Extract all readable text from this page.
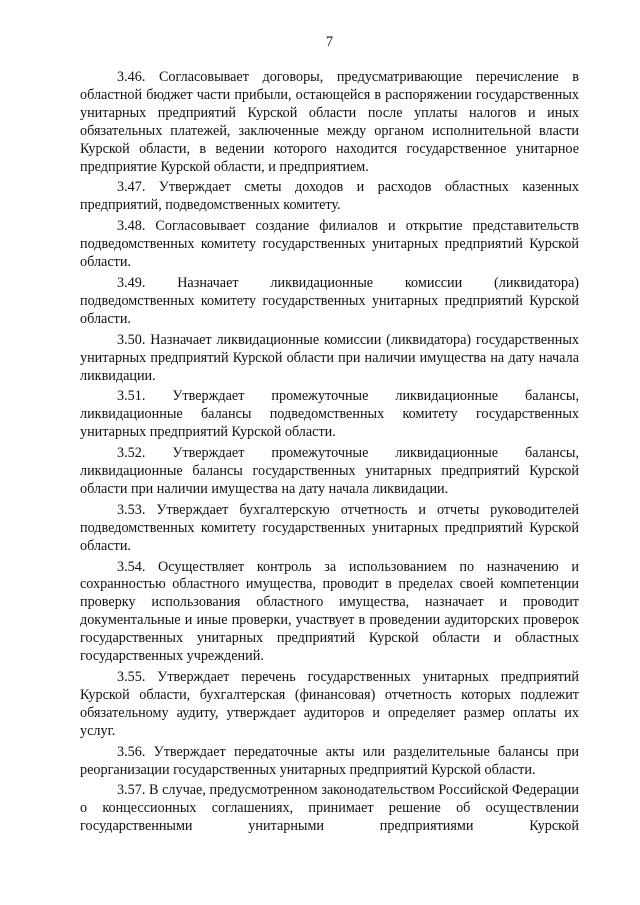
7

3.46. Согласовывает договоры, предусматривающие перечисление в областной бюджет части прибыли, остающейся в распоряжении государственных унитарных предприятий Курской области после уплаты налогов и иных обязательных платежей, заключенные между органом исполнительной власти Курской области, в ведении которого находится государственное унитарное предприятие Курской области, и предприятием.

3.47. Утверждает сметы доходов и расходов областных казенных предприятий, подведомственных комитету.

3.48. Согласовывает создание филиалов и открытие представительств подведомственных комитету государственных унитарных предприятий Курской области.

3.49. Назначает ликвидационные комиссии (ликвидатора) подведомственных комитету государственных унитарных предприятий Курской области.

3.50. Назначает ликвидационные комиссии (ликвидатора) государственных унитарных предприятий Курской области при наличии имущества на дату начала ликвидации.

3.51. Утверждает промежуточные ликвидационные балансы, ликвидационные балансы подведомственных комитету государственных унитарных предприятий Курской области.

3.52. Утверждает промежуточные ликвидационные балансы, ликвидационные балансы государственных унитарных предприятий Курской области при наличии имущества на дату начала ликвидации.

3.53. Утверждает бухгалтерскую отчетность и отчеты руководителей подведомственных комитету государственных унитарных предприятий Курской области.

3.54. Осуществляет контроль за использованием по назначению и сохранностью областного имущества, проводит в пределах своей компетенции проверку использования областного имущества, назначает и проводит документальные и иные проверки, участвует в проведении аудиторских проверок государственных унитарных предприятий Курской области и областных государственных учреждений.

3.55. Утверждает перечень государственных унитарных предприятий Курской области, бухгалтерская (финансовая) отчетность которых подлежит обязательному аудиту, утверждает аудиторов и определяет размер оплаты их услуг.

3.56. Утверждает передаточные акты или разделительные балансы при реорганизации государственных унитарных предприятий Курской области.

3.57. В случае, предусмотренном законодательством Российской Федерации о концессионных соглашениях, принимает решение об осуществлении государственными унитарными предприятиями Курской
